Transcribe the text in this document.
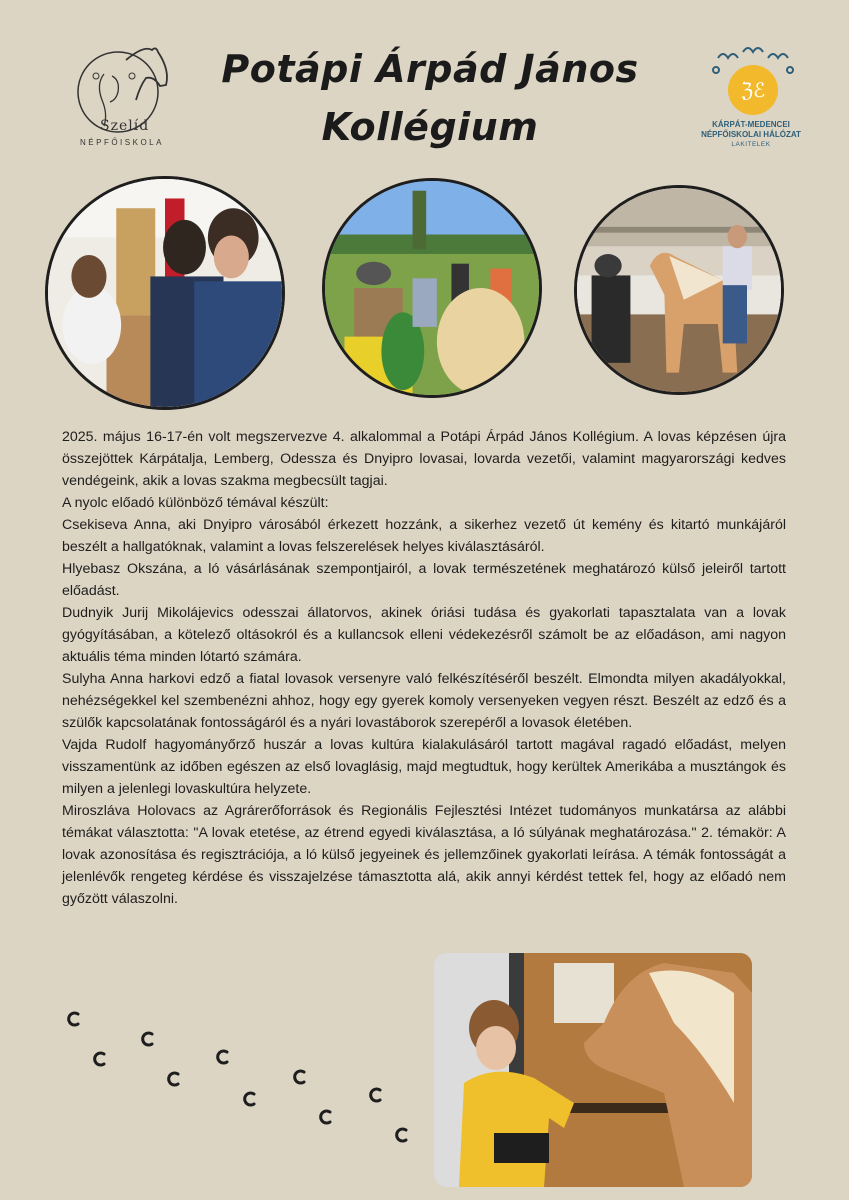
Szelíd
NÉPFŐISKOLA
Potápi Árpád János
Kollégium
ℨℰ
KÁRPÁT-MEDENCEI
NÉPFŐISKOLAI HÁLÓZAT
LAKITELEK

2025. május 16-17-én volt megszervezve 4. alkalommal a Potápi Árpád János Kollégium. A lovas képzésen újra összejöttek Kárpátalja, Lemberg, Odessza és Dnyipro lovasai, lovarda vezetői, valamint magyarországi kedves vendégeink, akik a lovas szakma megbecsült tagjai.

A nyolc előadó különböző témával készült:

Csekiseva Anna, aki Dnyipro városából érkezett hozzánk, a sikerhez vezető út kemény és kitartó munkájáról beszélt a hallgatóknak, valamint a lovas felszerelések helyes kiválasztásáról.

Hlyebasz Okszána, a ló vásárlásának szempontjairól, a lovak természetének meghatározó külső jeleiről tartott előadást.

Dudnyik Jurij Mikolájevics odesszai állatorvos, akinek óriási tudása és gyakorlati tapasztalata van a lovak gyógyításában, a kötelező oltásokról és a kullancsok elleni védekezésről számolt be az előadáson, ami nagyon aktuális téma minden lótartó számára.

Sulyha Anna harkovi edző a fiatal lovasok versenyre való felkészítéséről beszélt. Elmondta milyen akadályokkal, nehézségekkel kel szembenézni ahhoz, hogy egy gyerek komoly versenyeken vegyen részt. Beszélt az edző és a szülők kapcsolatának fontosságáról és a nyári lovastáborok szerepéről a lovasok életében.

Vajda Rudolf hagyományőrző huszár a lovas kultúra kialakulásáról tartott magával ragadó előadást, melyen visszamentünk az időben egészen az első lovaglásig, majd megtudtuk, hogy kerültek Amerikába a musztángok és milyen a jelenlegi lovaskultúra helyzete.

Miroszláva Holovacs az Agrárerőforrások és Regionális Fejlesztési Intézet tudományos munkatársa az alábbi témákat választotta: "A lovak etetése, az étrend egyedi kiválasztása, a ló súlyának meghatározása." 2. témakör: A lovak azonosítása és regisztrációja, a ló külső jegyeinek és jellemzőinek gyakorlati leírása. A témák fontosságát a jelenlévők rengeteg kérdése és visszajelzése támasztotta alá, akik annyi kérdést tettek fel, hogy az előadó nem győzött válaszolni.
